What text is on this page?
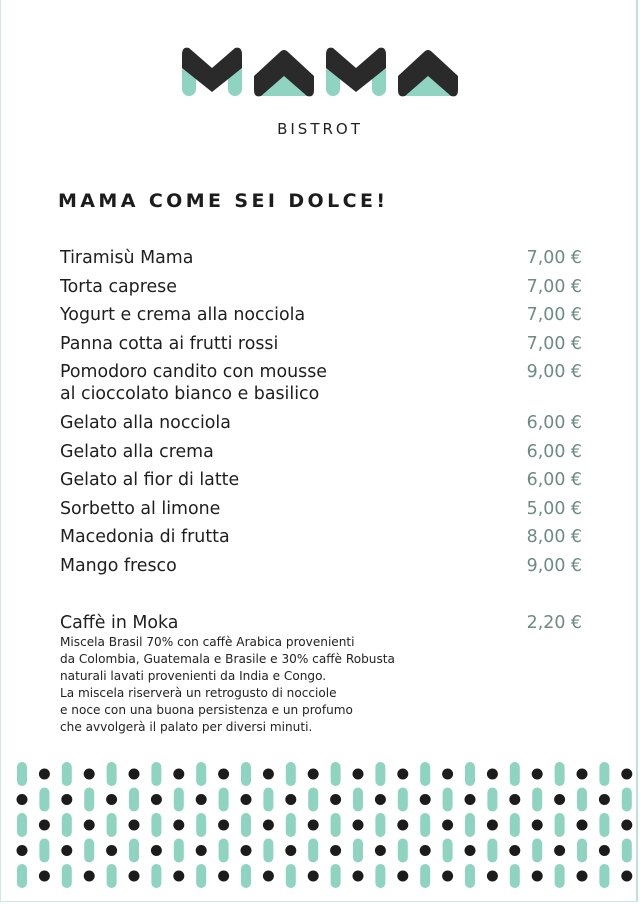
BISTROT
MAMA COME SEI DOLCE!
Tiramisù Mama	7,00 €
Torta caprese	7,00 €
Yogurt e crema alla nocciola	7,00 €
Panna cotta ai frutti rossi	7,00 €
Pomodoro candito con mousse
al cioccolato bianco e basilico
9,00 €
Gelato alla nocciola	6,00 €
Gelato alla crema	6,00 €
Gelato al fior di latte	6,00 €
Sorbetto al limone	5,00 €
Macedonia di frutta	8,00 €
Mango fresco	9,00 €
Caffè in Moka	2,20 €
Miscela Brasil 70% con caffè Arabica provenienti
da Colombia, Guatemala e Brasile e 30% caffè Robusta
naturali lavati provenienti da India e Congo.
La miscela riserverà un retrogusto di nocciole
e noce con una buona persistenza e un profumo
che avvolgerà il palato per diversi minuti.
